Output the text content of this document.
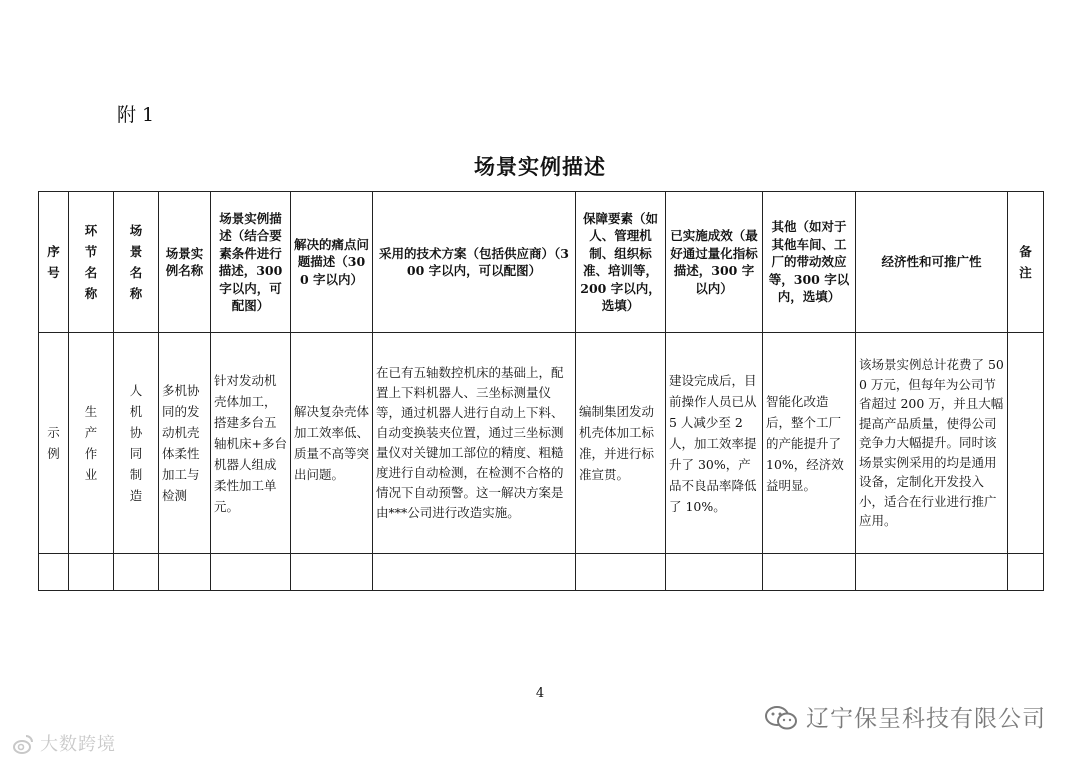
附 1
场景实例描述
序号	环节名称	场景名称	场景实例名称	场景实例描述（结合要素条件进行描述，300 字以内，可配图）	解决的痛点问题描述（300 字以内）	采用的技术方案（包括供应商）（300 字以内，可以配图）	保障要素（如人、管理机制、组织标准、培训等，200 字以内，选填）	已实施成效（最好通过量化指标描述，300 字以内）	其他（如对于其他车间、工厂的带动效应等，300 字以内，选填）	经济性和可推广性	备注
示例	生产作业	人机协同制造	多机协同的发动机壳体柔性加工与检测	针对发动机壳体加工，搭建多台五轴机床+多台机器人组成柔性加工单元。	解决复杂壳体加工效率低、质量不高等突出问题。	在已有五轴数控机床的基础上，配置上下料机器人、三坐标测量仪等，通过机器人进行自动上下料、自动变换装夹位置，通过三坐标测量仪对关键加工部位的精度、粗糙度进行自动检测，在检测不合格的情况下自动预警。这一解决方案是由***公司进行改造实施。	编制集团发动机壳体加工标准，并进行标准宣贯。	建设完成后，目前操作人员已从 5 人减少至 2 人，加工效率提升了 30%，产品不良品率降低了 10%。	智能化改造后，整个工厂的产能提升了 10%，经济效益明显。	该场景实例总计花费了 500 万元，但每年为公司节省超过 200 万，并且大幅提高产品质量，使得公司竞争力大幅提升。同时该场景实例采用的均是通用设备，定制化开发投入小，适合在行业进行推广应用。	

4
大数跨境
辽宁保呈科技有限公司
